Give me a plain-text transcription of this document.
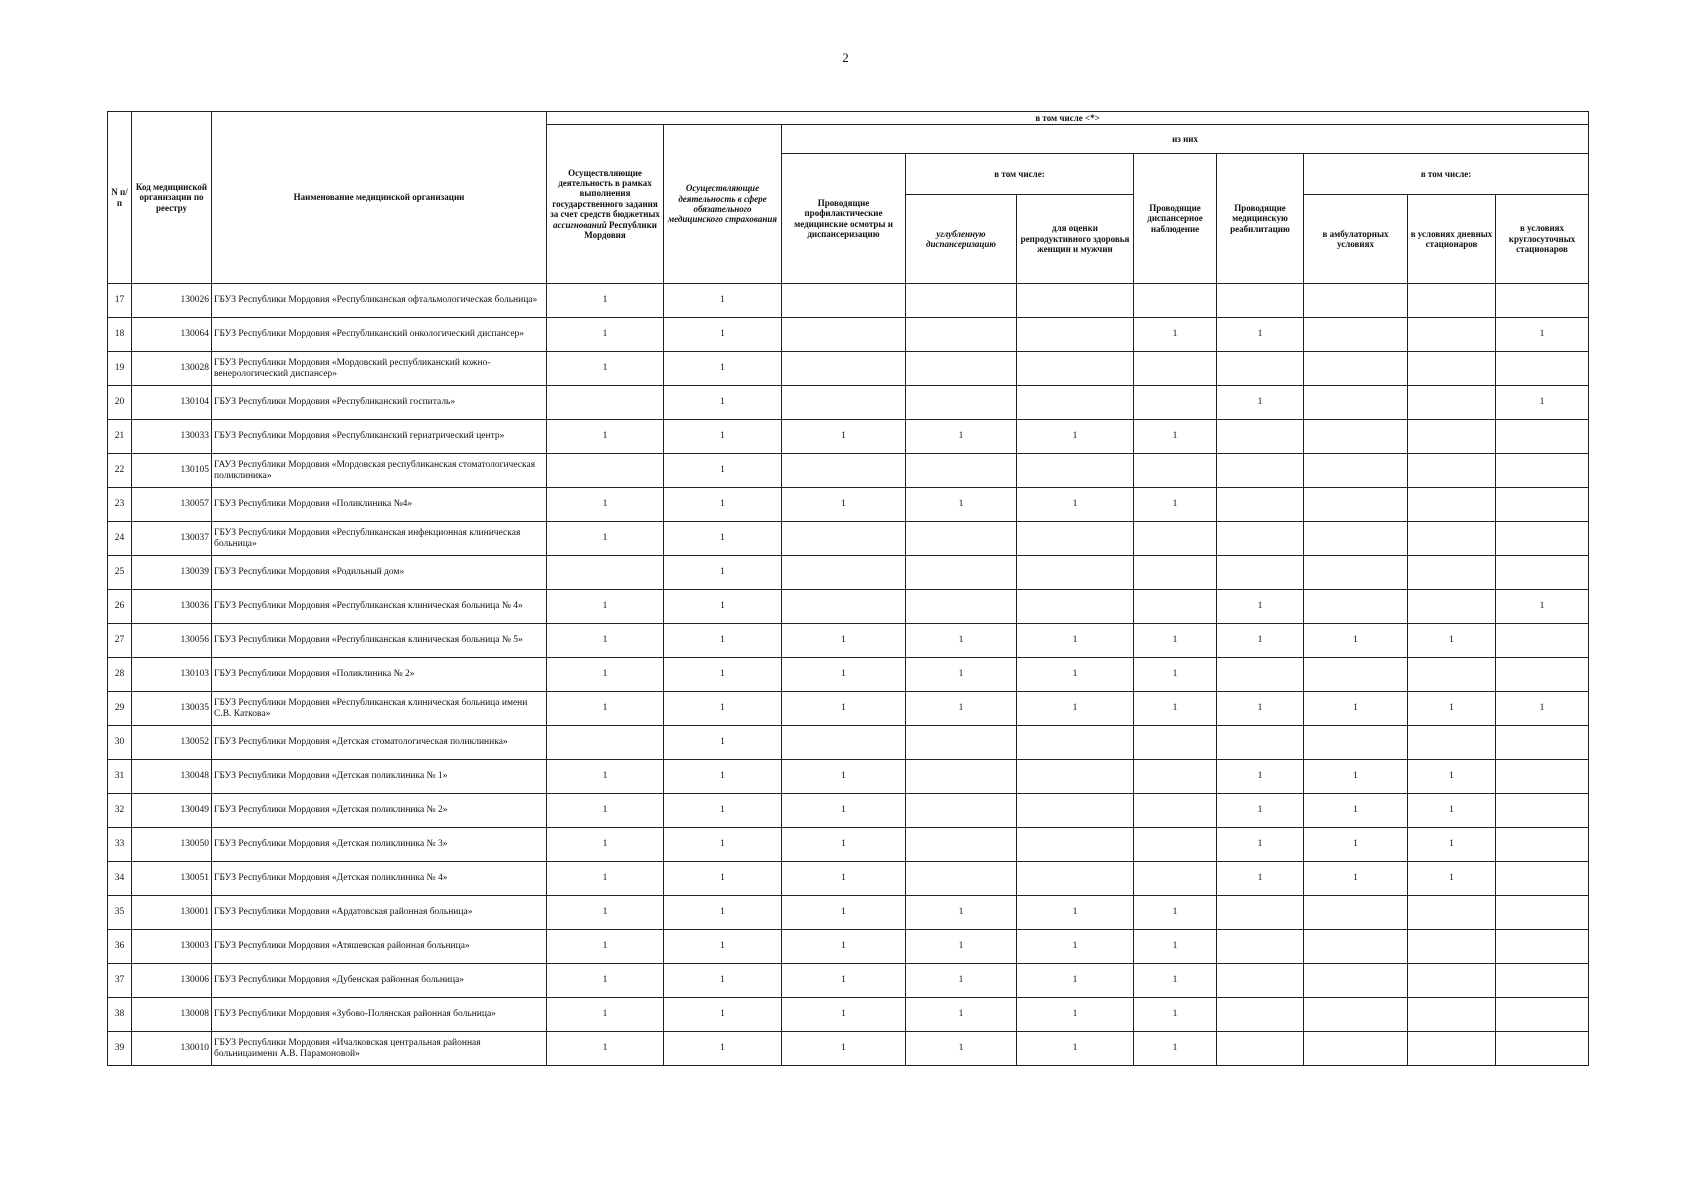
2
N п/п	Код медицинской организации по реестру	Наименование медицинской организации	в том числе <*>									
			Осуществляющие деятельность в рамках выполнения государственного задания за счет средств бюджетных ассигнований Республики Мордовия	Осуществляющие деятельность в сфере обязательного медицинского страхования	из них							
					Проводящие профилактические медицинские осмотры и диспансеризацию	в том числе:		Проводящие диспансерное наблюдение	Проводящие медицинскую реабилитацию	в том числе:		
						углубленную диспансеризацию	для оценки репродуктивного здоровья женщин и мужчин			в амбулаторных условиях	в условиях дневных стационаров	в условиях круглосуточных стационаров
17	130026	ГБУЗ Республики Мордовия «Республиканская офтальмологическая больница»	1	1								
18	130064	ГБУЗ Республики Мордовия «Республиканский онкологический диспансер»	1	1				1	1			1
19	130028	ГБУЗ Республики Мордовия «Мордовский республиканский кожно-венерологический диспансер»	1	1								
20	130104	ГБУЗ Республики Мордовия «Республиканский госпиталь»		1					1			1
21	130033	ГБУЗ Республики Мордовия «Республиканский гериатрический центр»	1	1	1	1	1	1				
22	130105	ГАУЗ Республики Мордовия «Мордовская республиканская стоматологическая поликлиника»		1								
23	130057	ГБУЗ Республики Мордовия «Поликлиника №4»	1	1	1	1	1	1				
24	130037	ГБУЗ Республики Мордовия «Республиканская инфекционная клиническая больница»	1	1								
25	130039	ГБУЗ Республики Мордовия «Родильный дом»		1								
26	130036	ГБУЗ Республики Мордовия «Республиканская клиническая больница № 4»	1	1					1			1
27	130056	ГБУЗ Республики Мордовия «Республиканская клиническая больница № 5»	1	1	1	1	1	1	1	1	1	
28	130103	ГБУЗ Республики Мордовия «Поликлиника № 2»	1	1	1	1	1	1				
29	130035	ГБУЗ Республики Мордовия «Республиканская клиническая больница имени С.В. Каткова»	1	1	1	1	1	1	1	1	1	1
30	130052	ГБУЗ Республики Мордовия «Детская стоматологическая поликлиника»		1								
31	130048	ГБУЗ Республики Мордовия «Детская поликлиника № 1»	1	1	1				1	1	1	
32	130049	ГБУЗ Республики Мордовия «Детская поликлиника № 2»	1	1	1				1	1	1	
33	130050	ГБУЗ Республики Мордовия «Детская поликлиника № 3»	1	1	1				1	1	1	
34	130051	ГБУЗ Республики Мордовия «Детская поликлиника № 4»	1	1	1				1	1	1	
35	130001	ГБУЗ Республики Мордовия «Ардатовская районная больница»	1	1	1	1	1	1				
36	130003	ГБУЗ Республики Мордовия «Атяшевская районная больница»	1	1	1	1	1	1				
37	130006	ГБУЗ Республики Мордовия «Дубенская районная больница»	1	1	1	1	1	1				
38	130008	ГБУЗ Республики Мордовия «Зубово-Полянская районная больница»	1	1	1	1	1	1				
39	130010	ГБУЗ Республики Мордовия «Ичалковская центральная районная больницаимени А.В. Парамоновой»	1	1	1	1	1	1				
